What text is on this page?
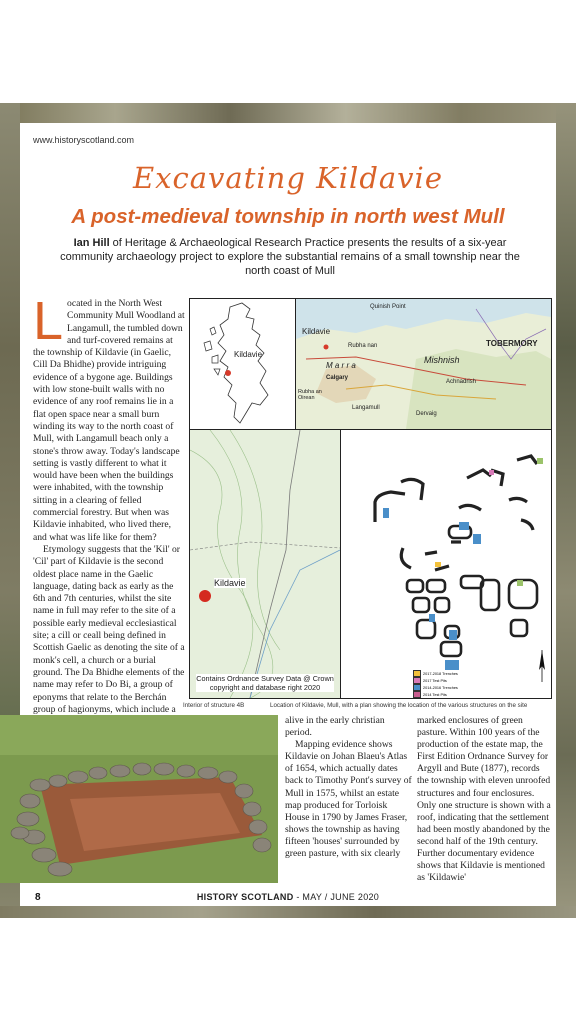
www.historyscotland.com
Excavating Kildavie
A post-medieval township in north west Mull
Ian Hill of Heritage & Archaeological Research Practice presents the results of a six-year community archaeology project to explore the substantial remains of a small township near the north coast of Mull

Located in the North West Community Mull Woodland at Langamull, the tumbled down and turf-covered remains at the township of Kildavie (in Gaelic, Cill Da Bhidhe) provide intriguing evidence of a bygone age. Buildings with low stone-built walls with no evidence of any roof remains lie in a flat open space near a small burn winding its way to the north coast of Mull, with Langamull beach only a stone's throw away. Today's landscape setting is vastly different to what it would have been when the buildings were inhabited, with the township sitting in a clearing of felled commercial forestry. But when was Kildavie inhabited, who lived there, and what was life like for them?

Etymology suggests that the 'Kil' or 'Cil' part of Kildavie is the second oldest place name in the Gaelic language, dating back as early as the 6th and 7th centuries, whilst the site name in full may refer to the site of a possible early medieval ecclesiastical site; a cill or ceall being defined in Scottish Gaelic as denoting the site of a monk's cell, a church or a burial ground. The Da Bhidhe elements of the name may refer to Do Bi, a group of eponyms that relate to the Berchán group of hagionyms, which include a

Kildavie
Quinish Point
Kildavie
Rubha nan
Mishnish
TOBERMORY
M a r r a
Calgary
Achnadrish
Rubha an Oirean
Langamull
Dervaig
Kildavie
Contains Ordnance Survey Data @ Crown copyright and database right 2020
2017-2018 Trenches
2017 Test Pits
2014-2016 Trenches
2014 Test Pits
Interior of structure 4B	Location of Kildavie, Mull, with a plan showing the location of the various structures on the site

alive in the early christian period.

Mapping evidence shows Kildavie on Johan Blaeu's Atlas of 1654, which actually dates back to Timothy Pont's survey of Mull in 1575, whilst an estate map produced for Torloisk House in 1790 by James Fraser, shows the township as having fifteen 'houses' surrounded by green pasture, with six clearly

marked enclosures of green pasture. Within 100 years of the production of the estate map, the First Edition Ordnance Survey for Argyll and Bute (1877), records the township with eleven unroofed structures and four enclosures. Only one structure is shown with a roof, indicating that the settlement had been mostly abandoned by the second half of the 19th century. Further documentary evidence shows that Kildavie is mentioned as 'Kildawie'

8	HISTORY SCOTLAND - MAY / JUNE 2020
